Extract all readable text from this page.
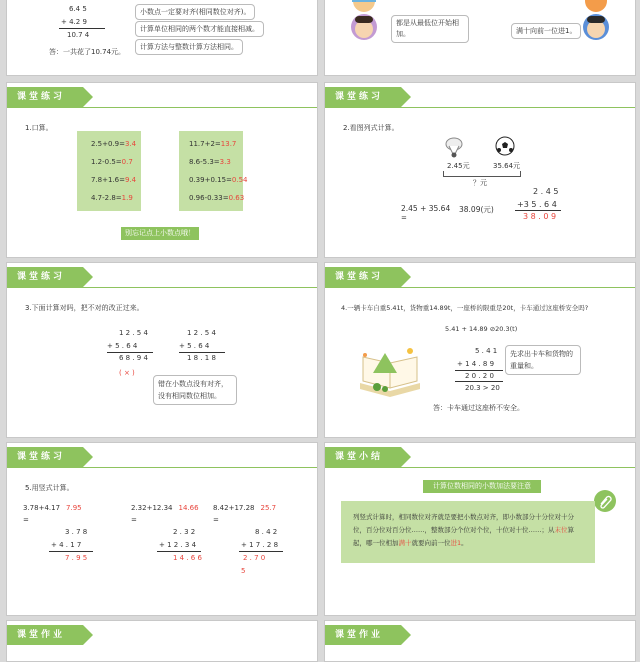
6.4 5
+ 4.2 9
10.7 4
答：一共花了10.74元。
小数点一定要对齐(相同数位对齐)。
计算单位相同的两个数才能直接相减。
计算方法与整数计算方法相同。
都是从最低位开始相加。	满十向前一位进1。
课堂练习
1.口算。
2.5+0.9=3.4
1.2-0.5=0.7
7.8+1.6=9.4
4.7-2.8=1.9
11.7+2=13.7
8.6-5.3=3.3
0.39+0.15=0.54
0.96-0.33=0.63
别忘记点上小数点哦！
课堂练习
2.看图列式计算。
2.45元	35.64元
？元
2.45 + 35.64 38.09(元)
=
2 . 4 5
+3 5 . 6 4
3 8 . 0 9
课堂练习
3.下面计算对吗，把不对的改正过来。
1 2 . 5 4
+ 5 . 6 4
6 8 . 9 4
1 2 . 5 4
+ 5 . 6 4
1 8 . 1 8
( × )
错在小数点没有对齐，没有相同数位相加。
课堂练习
4.一辆卡车自重5.41t，货物重14.89t，一座桥的限重是20t，卡车通过这座桥安全吗?
5.41 + 14.89 ⊘20.3(t)
5 . 4 1
+ 1 4 . 8 9
2 0 . 2 0
20.3 > 20
先求出卡车和货物的重量和。
答：卡车通过这座桥不安全。
课堂练习
5.用竖式计算。
3.78+4.17 7.95
=
3 . 7 8
+ 4 . 1 7
7 . 9 5
2.32+12.34 14.66
=
2 . 3 2
+ 1 2 . 3 4
1 4 . 6 6
8.42+17.28 25.7
=
8 . 4 2
+ 1 7 . 2 8
2 . 7 0
5
课堂小结
计算位数相同的小数加法要注意
列竖式计算时，相同数位对齐就是要把小数点对齐，即小数部分十分位对十分位，百分位对百分位……，整数部分个位对个位，十位对十位……；从末位算起，哪一位相加满十就要向前一位进1。
课堂作业	课堂作业
